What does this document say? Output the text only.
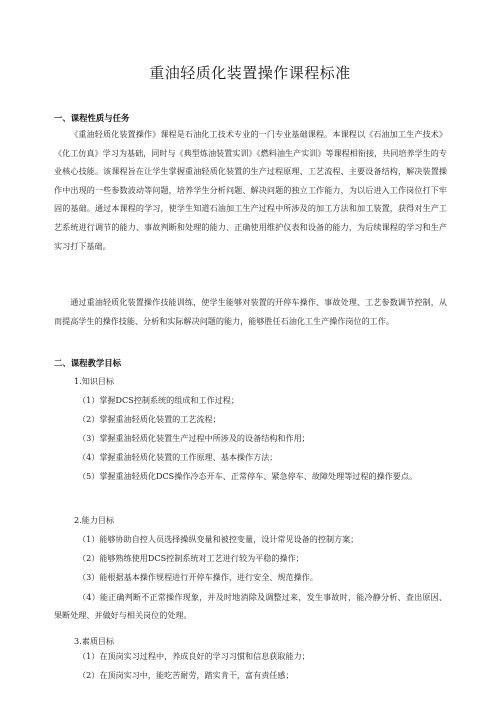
重油轻质化装置操作课程标准
一、课程性质与任务
《重油轻质化装置操作》课程是石油化工技术专业的一门专业基础课程。本课程以《石油加工生产技术》《化工仿真》学习为基础，同时与《典型炼油装置实训》《燃料油生产实训》等课程相衔接，共同培养学生的专业核心技能。该课程旨在让学生掌握重油轻质化装置的生产过程原理、工艺流程、主要设备结构，解决装置操作中出现的一些参数波动等问题，培养学生分析问题、解决问题的独立工作能力，为以后进入工作岗位打下牢固的基础。通过本课程的学习，使学生知道石油加工生产过程中所涉及的加工方法和加工装置，获得对生产工艺系统进行调节的能力、事故判断和处理的能力、正确使用维护仪表和设备的能力，为后续课程的学习和生产实习打下基础。
通过重油轻质化装置操作技能训练，使学生能够对装置的开停车操作、事故处理、工艺参数调节控制，从而提高学生的操作技能、分析和实际解决问题的能力，能够胜任石油化工生产操作岗位的工作。
二、课程教学目标
1.知识目标
（1）掌握DCS控制系统的组成和工作过程；
（2）掌握重油轻质化装置的工艺流程；
（3）掌握重油轻质化装置生产过程中所涉及的设备结构和作用；
（4）掌握重油轻质化装置的工作原理、基本操作方法；
（5）掌握重油轻质化DCS操作冷态开车、正常停车、紧急停车、故障处理等过程的操作要点。
2.能力目标
（1）能够协助自控人员选择操纵变量和被控变量，设计常见设备的控制方案；
（2）能够熟练使用DCS控制系统对工艺进行较为平稳的操作；
（3）能根据基本操作规程进行开停车操作，进行安全、规范操作。
（4）能正确判断不正常操作现象，并及时地消除及调整过来，发生事故时，能冷静分析、查出原因、果断处理、并做好与相关岗位的处理。
3.素质目标
（1）在顶岗实习过程中，养成良好的学习习惯和信息获取能力；
（2）在顶岗实习中，能吃苦耐劳，踏实肯干，富有责任感；
